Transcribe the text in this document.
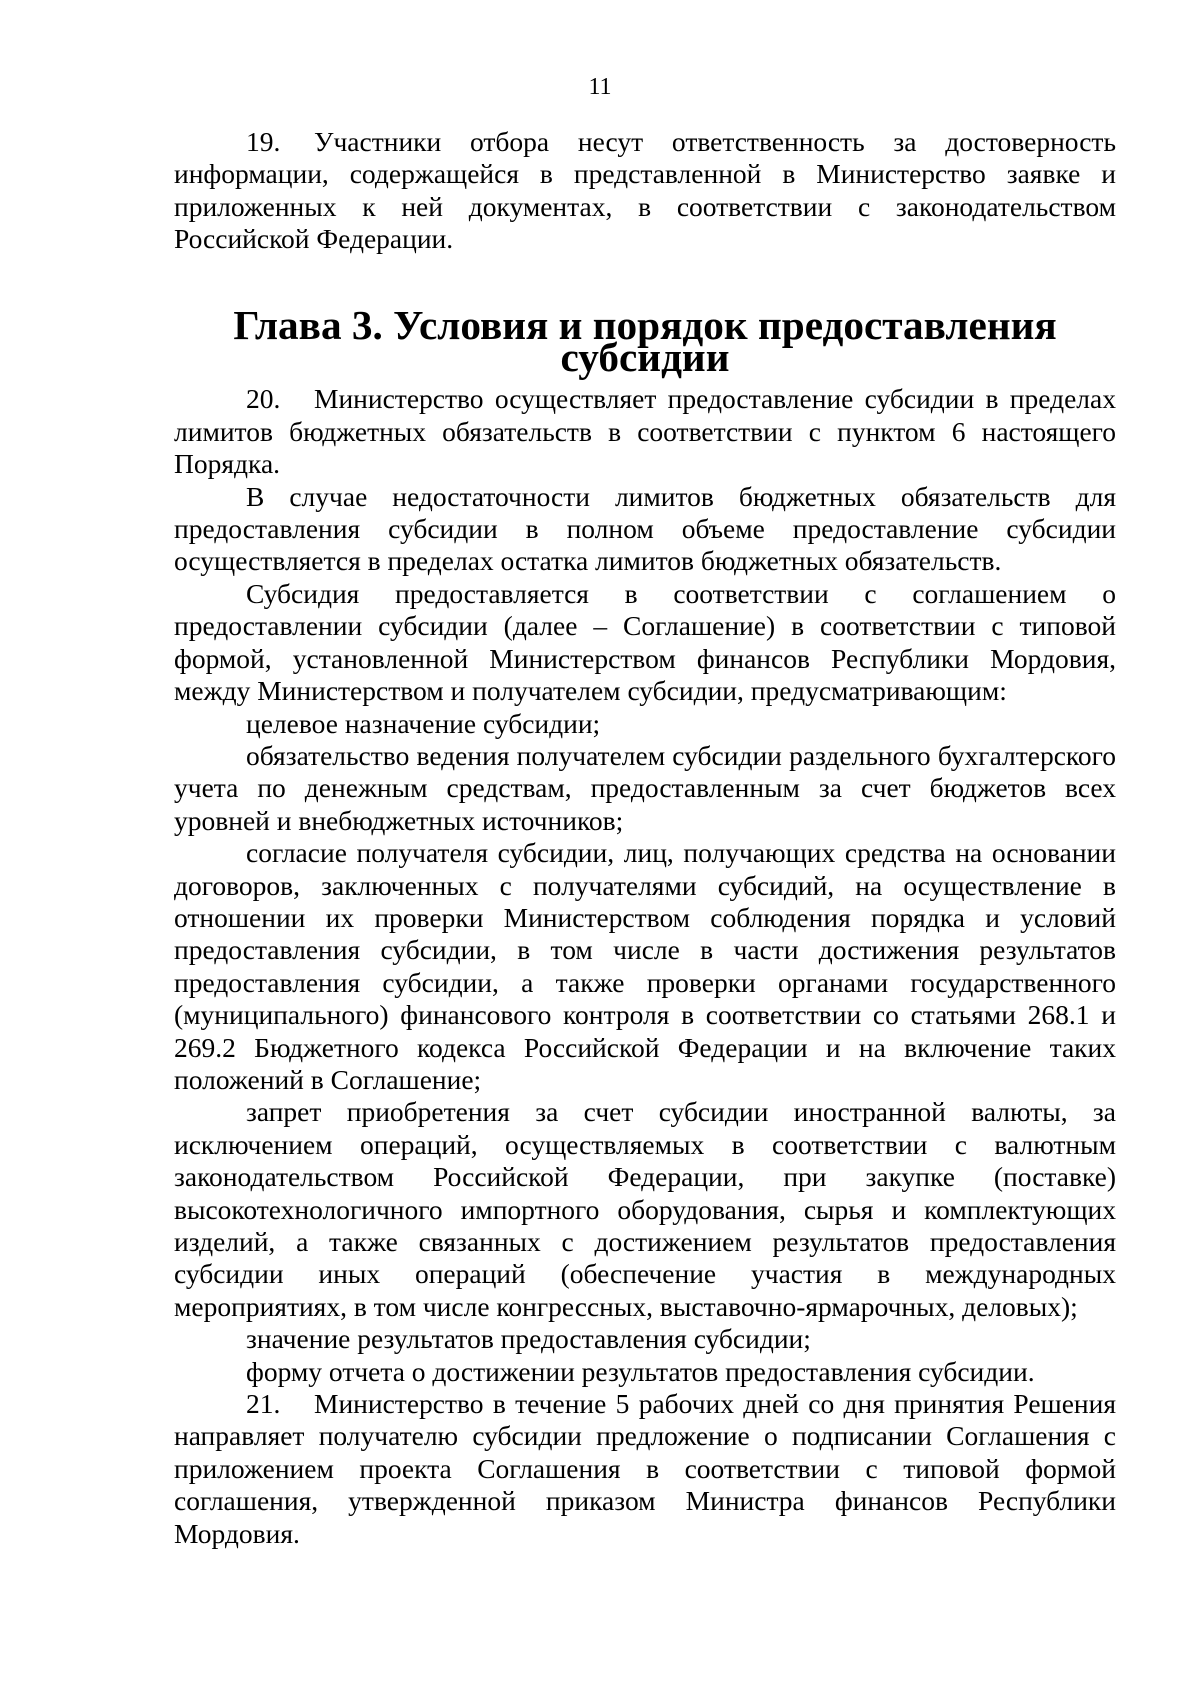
11

19. Участники отбора несут ответственность за достоверность информации, содержащейся в представленной в Министерство заявке и приложенных к ней документах, в соответствии с законодательством Российской Федерации.

Глава 3. Условия и порядок предоставления субсидии

20. Министерство осуществляет предоставление субсидии в пределах лимитов бюджетных обязательств в соответствии с пунктом 6 настоящего Порядка.

В случае недостаточности лимитов бюджетных обязательств для предоставления субсидии в полном объеме предоставление субсидии осуществляется в пределах остатка лимитов бюджетных обязательств.

Субсидия предоставляется в соответствии с соглашением о предоставлении субсидии (далее – Соглашение) в соответствии с типовой формой, установленной Министерством финансов Республики Мордовия, между Министерством и получателем субсидии, предусматривающим:

целевое назначение субсидии;

обязательство ведения получателем субсидии раздельного бухгалтерского учета по денежным средствам, предоставленным за счет бюджетов всех уровней и внебюджетных источников;

согласие получателя субсидии, лиц, получающих средства на основании договоров, заключенных с получателями субсидий, на осуществление в отношении их проверки Министерством соблюдения порядка и условий предоставления субсидии, в том числе в части достижения результатов предоставления субсидии, а также проверки органами государственного (муниципального) финансового контроля в соответствии со статьями 268.1 и 269.2 Бюджетного кодекса Российской Федерации и на включение таких положений в Соглашение;

запрет приобретения за счет субсидии иностранной валюты, за исключением операций, осуществляемых в соответствии с валютным законодательством Российской Федерации, при закупке (поставке) высокотехнологичного импортного оборудования, сырья и комплектующих изделий, а также связанных с достижением результатов предоставления субсидии иных операций (обеспечение участия в международных мероприятиях, в том числе конгрессных, выставочно-ярмарочных, деловых);

значение результатов предоставления субсидии;

форму отчета о достижении результатов предоставления субсидии.

21. Министерство в течение 5 рабочих дней со дня принятия Решения направляет получателю субсидии предложение о подписании Соглашения с приложением проекта Соглашения в соответствии с типовой формой соглашения, утвержденной приказом Министра финансов Республики Мордовия.
